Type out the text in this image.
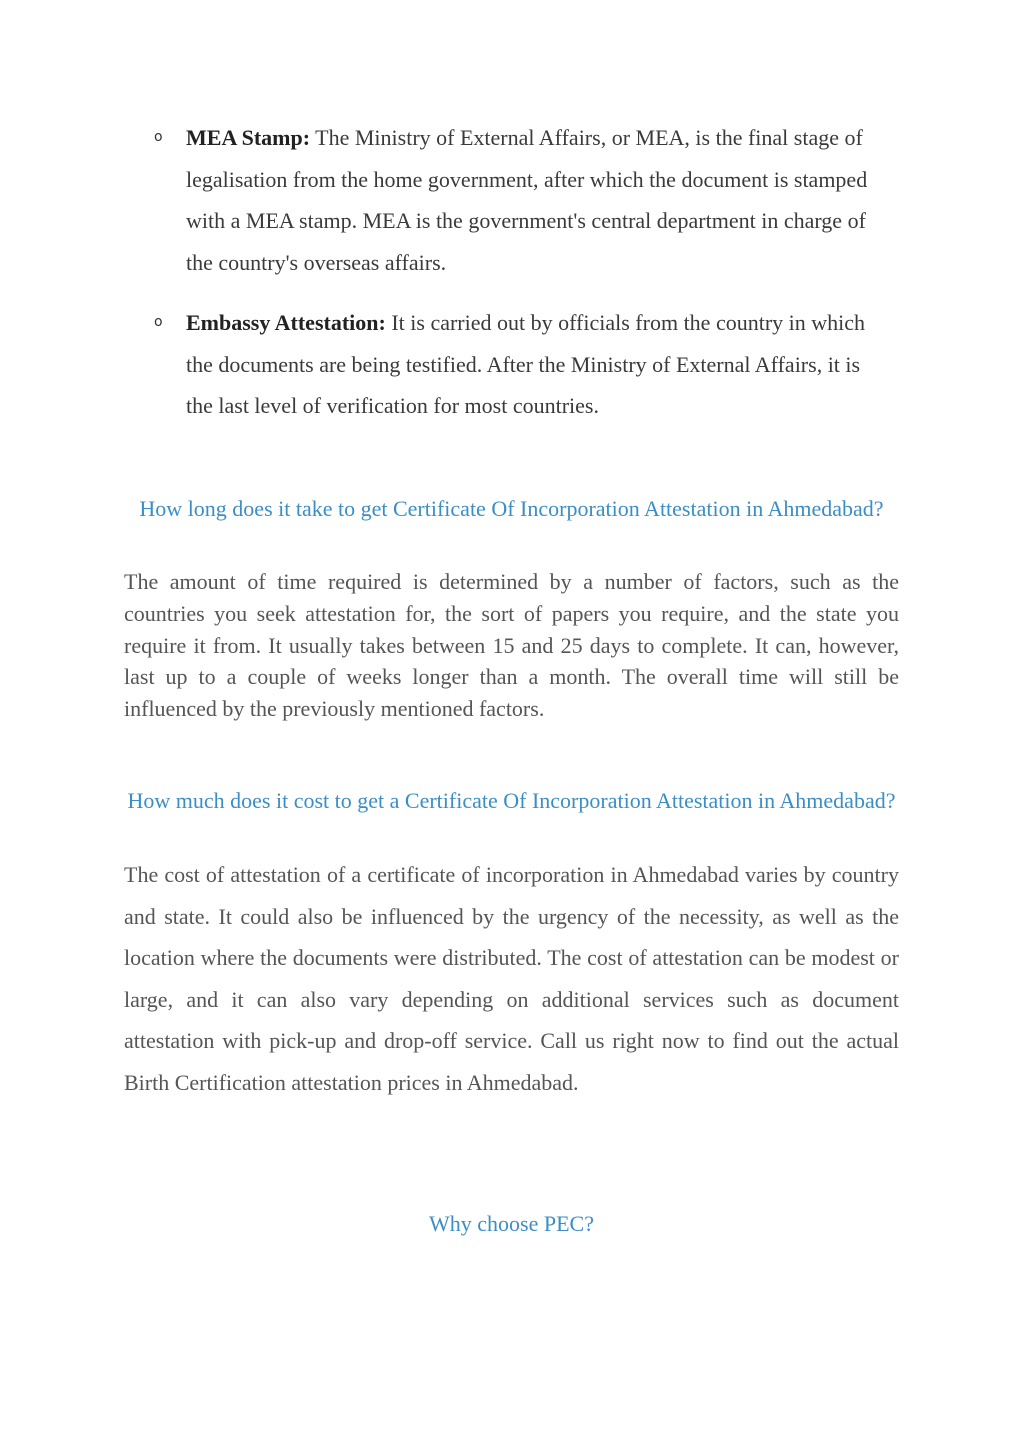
o MEA Stamp: The Ministry of External Affairs, or MEA, is the final stage of legalisation from the home government, after which the document is stamped with a MEA stamp. MEA is the government's central department in charge of the country's overseas affairs.
o Embassy Attestation: It is carried out by officials from the country in which the documents are being testified. After the Ministry of External Affairs, it is the last level of verification for most countries.
How long does it take to get Certificate Of Incorporation Attestation in Ahmedabad?

The amount of time required is determined by a number of factors, such as the countries you seek attestation for, the sort of papers you require, and the state you require it from. It usually takes between 15 and 25 days to complete. It can, however, last up to a couple of weeks longer than a month. The overall time will still be influenced by the previously mentioned factors.

How much does it cost to get a Certificate Of Incorporation Attestation in Ahmedabad?

The cost of attestation of a certificate of incorporation in Ahmedabad varies by country and state. It could also be influenced by the urgency of the necessity, as well as the location where the documents were distributed. The cost of attestation can be modest or large, and it can also vary depending on additional services such as document attestation with pick-up and drop-off service. Call us right now to find out the actual Birth Certification attestation prices in Ahmedabad.

Why choose PEC?
